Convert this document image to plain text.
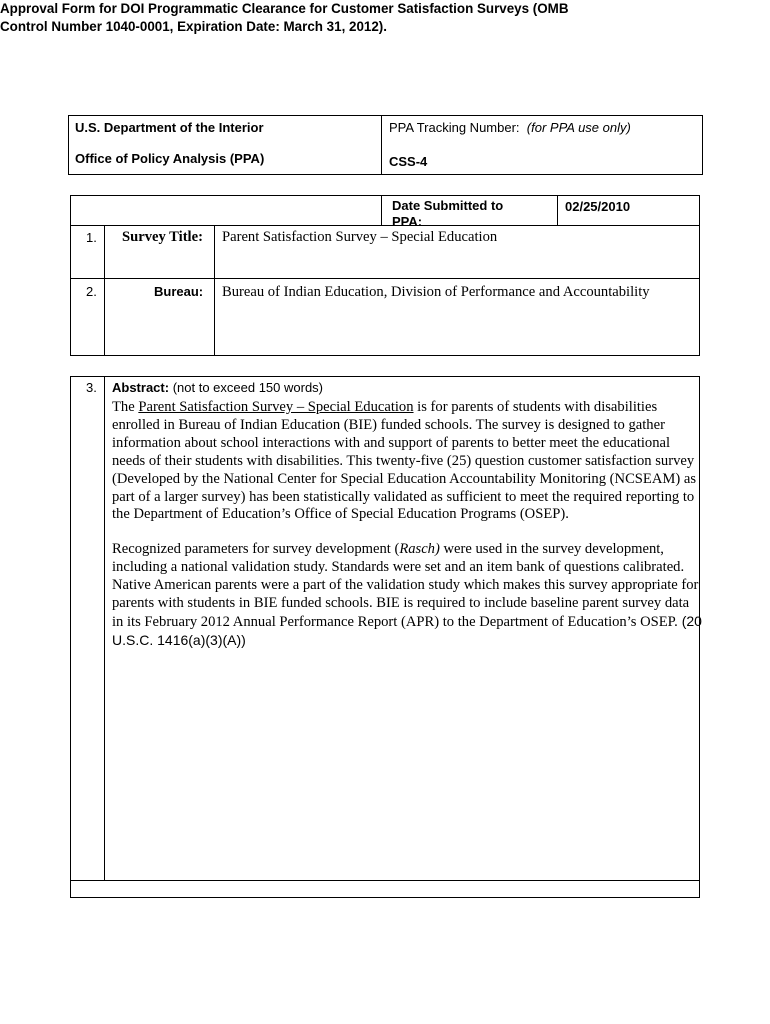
Approval Form for DOI Programmatic Clearance for Customer Satisfaction Surveys (OMB
Control Number 1040-0001, Expiration Date: March 31, 2012).
U.S. Department of the Interior
Office of Policy Analysis (PPA)
PPA Tracking Number: (for PPA use only)
CSS-4
Date Submitted to
PPA:
02/25/2010
1. Survey Title: Parent Satisfaction Survey – Special Education
2.	Bureau: Bureau of Indian Education, Division of Performance and Accountability
3. Abstract: (not to exceed 150 words)

The Parent Satisfaction Survey – Special Education is for parents of students with disabilities enrolled in Bureau of Indian Education (BIE) funded schools. The survey is designed to gather information about school interactions with and support of parents to better meet the educational needs of their students with disabilities. This twenty-five (25) question customer satisfaction survey (Developed by the National Center for Special Education Accountability Monitoring (NCSEAM) as part of a larger survey) has been statistically validated as sufficient to meet the required reporting to the Department of Education’s Office of Special Education Programs (OSEP).

Recognized parameters for survey development (Rasch) were used in the survey development, including a national validation study. Standards were set and an item bank of questions calibrated. Native American parents were a part of the validation study which makes this survey appropriate for parents with students in BIE funded schools. BIE is required to include baseline parent survey data in its February 2012 Annual Performance Report (APR) to the Department of Education’s OSEP. (20 U.S.C. 1416(a)(3)(A))
